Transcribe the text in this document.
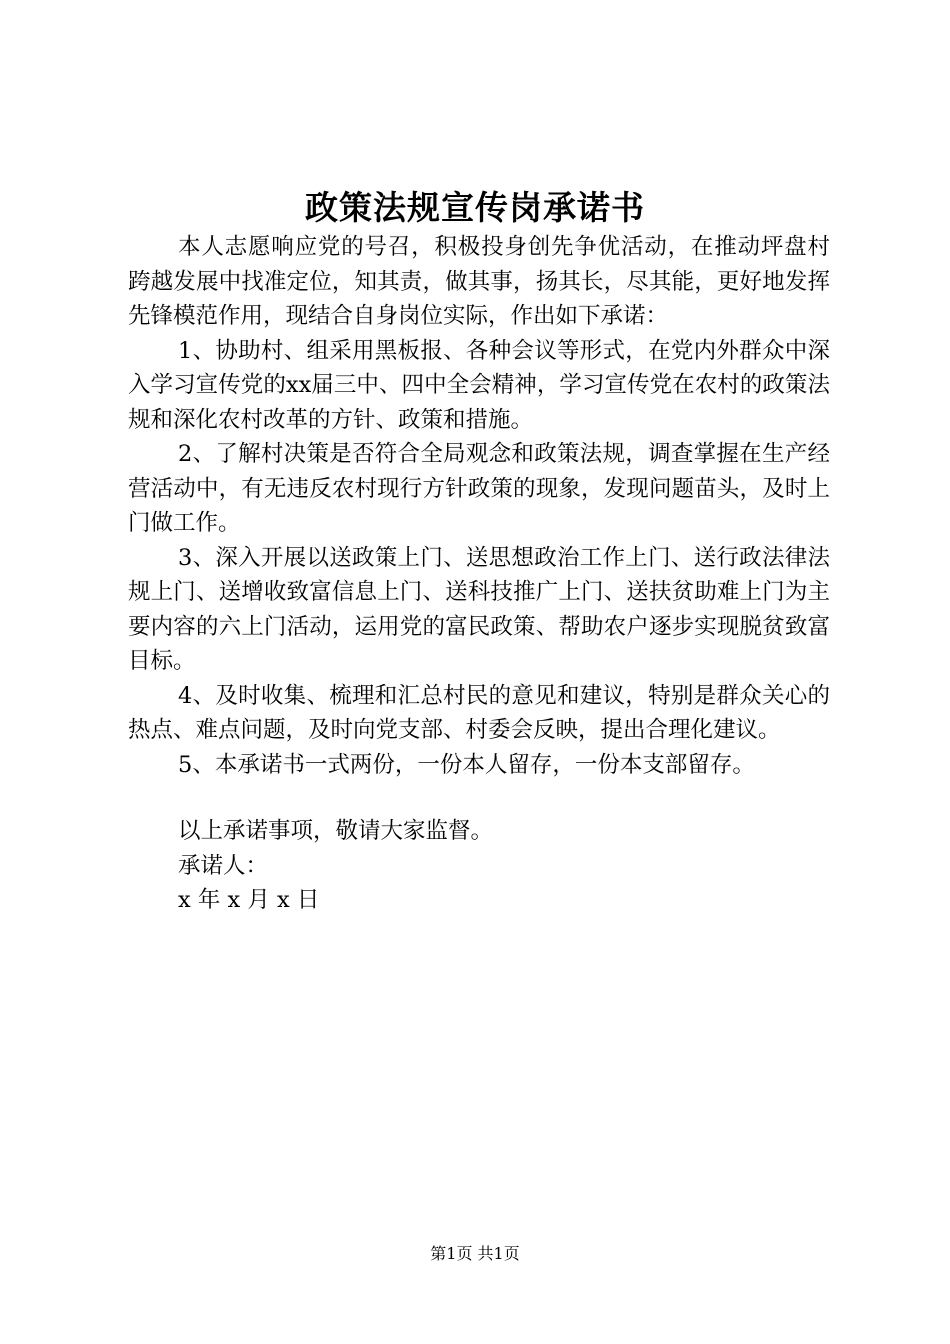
政策法规宣传岗承诺书

本人志愿响应党的号召，积极投身创先争优活动，在推动坪盘村跨越发展中找准定位，知其责，做其事，扬其长，尽其能，更好地发挥先锋模范作用，现结合自身岗位实际，作出如下承诺：

1、协助村、组采用黑板报、各种会议等形式，在党内外群众中深入学习宣传党的xx届三中、四中全会精神，学习宣传党在农村的政策法规和深化农村改革的方针、政策和措施。

2、了解村决策是否符合全局观念和政策法规，调查掌握在生产经营活动中，有无违反农村现行方针政策的现象，发现问题苗头，及时上门做工作。

3、深入开展以送政策上门、送思想政治工作上门、送行政法律法规上门、送增收致富信息上门、送科技推广上门、送扶贫助难上门为主要内容的六上门活动，运用党的富民政策、帮助农户逐步实现脱贫致富目标。

4、及时收集、梳理和汇总村民的意见和建议，特别是群众关心的热点、难点问题，及时向党支部、村委会反映，提出合理化建议。

5、本承诺书一式两份，一份本人留存，一份本支部留存。

以上承诺事项，敬请大家监督。

承诺人：

x 年 x 月 x 日

第1页 共1页
